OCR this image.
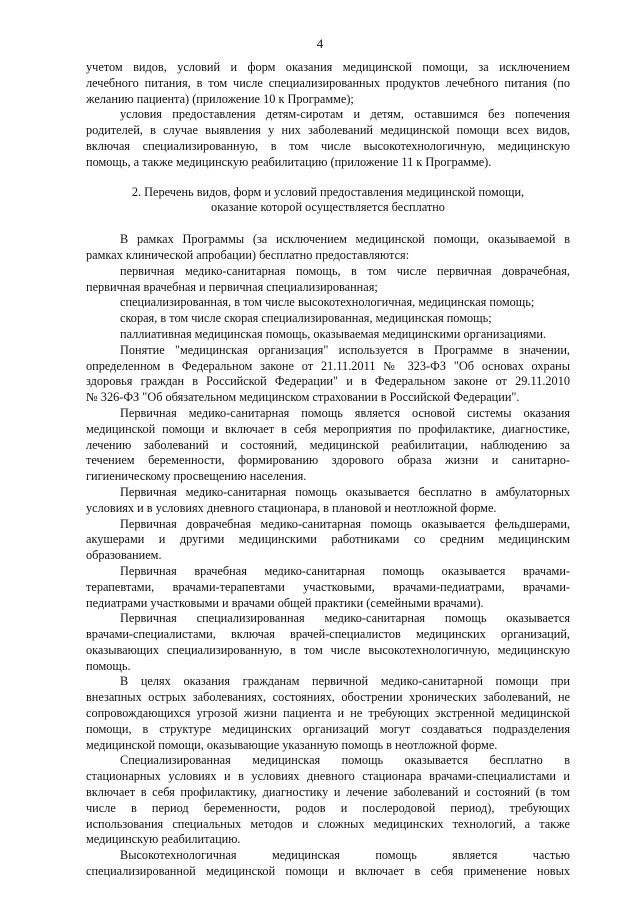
4
учетом видов, условий и форм оказания медицинской помощи, за исключением
лечебного питания, в том числе специализированных продуктов лечебного питания (по
желанию пациента) (приложение 10 к Программе);
условия предоставления детям-сиротам и детям, оставшимся без попечения
родителей, в случае выявления у них заболеваний медицинской помощи всех видов,
включая специализированную, в том числе высокотехнологичную, медицинскую
помощь, а также медицинскую реабилитацию (приложение 11 к Программе).
2. Перечень видов, форм и условий предоставления медицинской помощи,
оказание которой осуществляется бесплатно
В рамках Программы (за исключением медицинской помощи, оказываемой в
рамках клинической апробации) бесплатно предоставляются:
первичная медико-санитарная помощь, в том числе первичная доврачебная,
первичная врачебная и первичная специализированная;
специализированная, в том числе высокотехнологичная, медицинская помощь;
скорая, в том числе скорая специализированная, медицинская помощь;
паллиативная медицинская помощь, оказываемая медицинскими организациями.
Понятие "медицинская организация" используется в Программе в значении,
определенном в Федеральном законе от 21.11.2011 № 323-ФЗ "Об основах охраны
здоровья граждан в Российской Федерации" и в Федеральном законе от 29.11.2010
№ 326-ФЗ "Об обязательном медицинском страховании в Российской Федерации".
Первичная медико-санитарная помощь является основой системы оказания
медицинской помощи и включает в себя мероприятия по профилактике, диагностике,
лечению заболеваний и состояний, медицинской реабилитации, наблюдению за
течением беременности, формированию здорового образа жизни и санитарно-
гигиеническому просвещению населения.
Первичная медико-санитарная помощь оказывается бесплатно в амбулаторных
условиях и в условиях дневного стационара, в плановой и неотложной форме.
Первичная доврачебная медико-санитарная помощь оказывается фельдшерами,
акушерами и другими медицинскими работниками со средним медицинским
образованием.
Первичная врачебная медико-санитарная помощь оказывается врачами-
терапевтами, врачами-терапевтами участковыми, врачами-педиатрами, врачами-
педиатрами участковыми и врачами общей практики (семейными врачами).
Первичная специализированная медико-санитарная помощь оказывается
врачами-специалистами, включая врачей-специалистов медицинских организаций,
оказывающих специализированную, в том числе высокотехнологичную, медицинскую
помощь.
В целях оказания гражданам первичной медико-санитарной помощи при
внезапных острых заболеваниях, состояниях, обострении хронических заболеваний, не
сопровождающихся угрозой жизни пациента и не требующих экстренной медицинской
помощи, в структуре медицинских организаций могут создаваться подразделения
медицинской помощи, оказывающие указанную помощь в неотложной форме.
Специализированная медицинская помощь оказывается бесплатно в
стационарных условиях и в условиях дневного стационара врачами-специалистами и
включает в себя профилактику, диагностику и лечение заболеваний и состояний (в том
числе в период беременности, родов и послеродовой период), требующих
использования специальных методов и сложных медицинских технологий, а также
медицинскую реабилитацию.
Высокотехнологичная медицинская помощь является частью
специализированной медицинской помощи и включает в себя применение новых
